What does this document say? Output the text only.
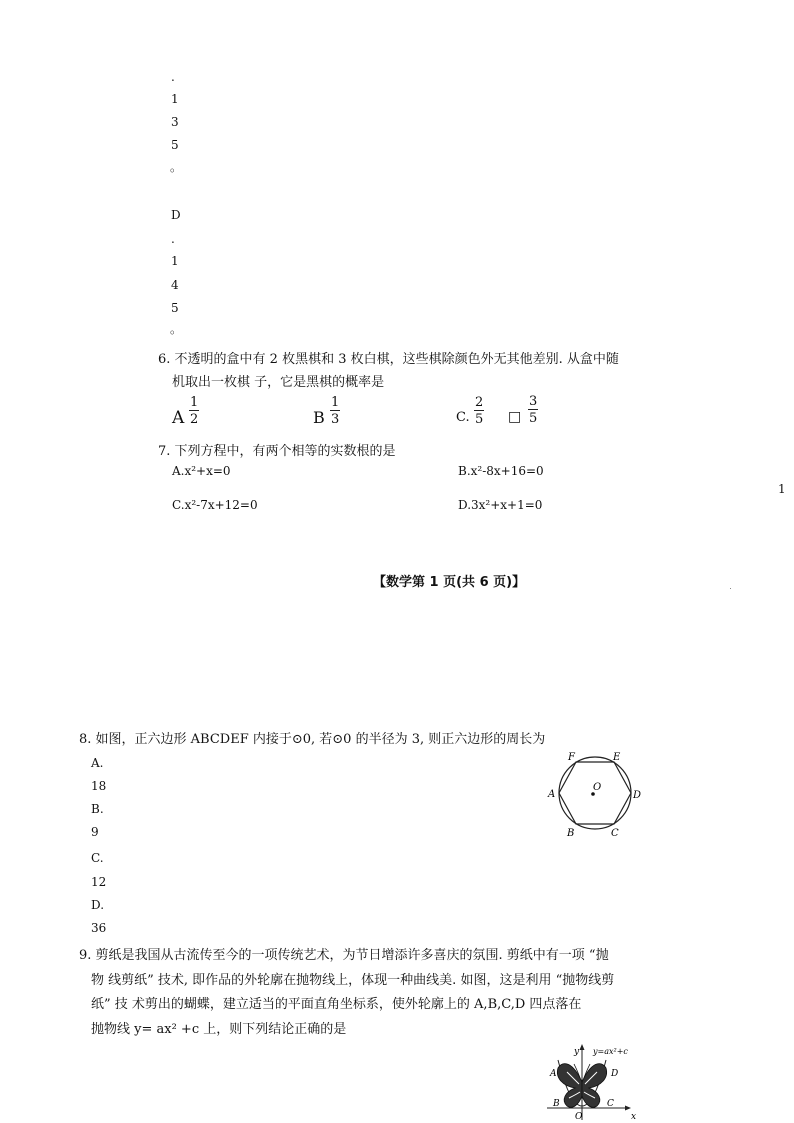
.
1
3
5
。
D
.
1
4
5
。
6. 不透明的盒中有 2 枚黑棋和 3 枚白棋，这些棋除颜色外无其他差别. 从盒中随
机取出一枚棋 子，它是黑棋的概率是
A $\frac{1}{2}$	B $\frac{1}{3}$	C. $\frac{2}{5}$ □ $\frac{3}{5}$
7. 下列方程中，有两个相等的实数根的是
A.x²+x=0	B.x²-8x+16=0
C.x²-7x+12=0	D.3x²+x+1=0
1
【数学第 1 页(共 6 页)】
8. 如图，正六边形 ABCDEF 内接于⊙0, 若⊙0 的半径为 3, 则正六边形的周长为
A.
18
B.
9
C.
12
D.
36
F	E
O
A	D
B	C
9. 剪纸是我国从古流传至今的一项传统艺术，为节日增添许多喜庆的氛围. 剪纸中有一项 “抛
物 线剪纸” 技术, 即作品的外轮廓在抛物线上，体现一种曲线美. 如图，这是利用 “抛物线剪
纸” 技 术剪出的蝴蝶，建立适当的平面直角坐标系，使外轮廓上的 A,B,C,D 四点落在
抛物线 y= ax² +c 上，则下列结论正确的是
y y=ax²+c
A	D
B	C
O	x
